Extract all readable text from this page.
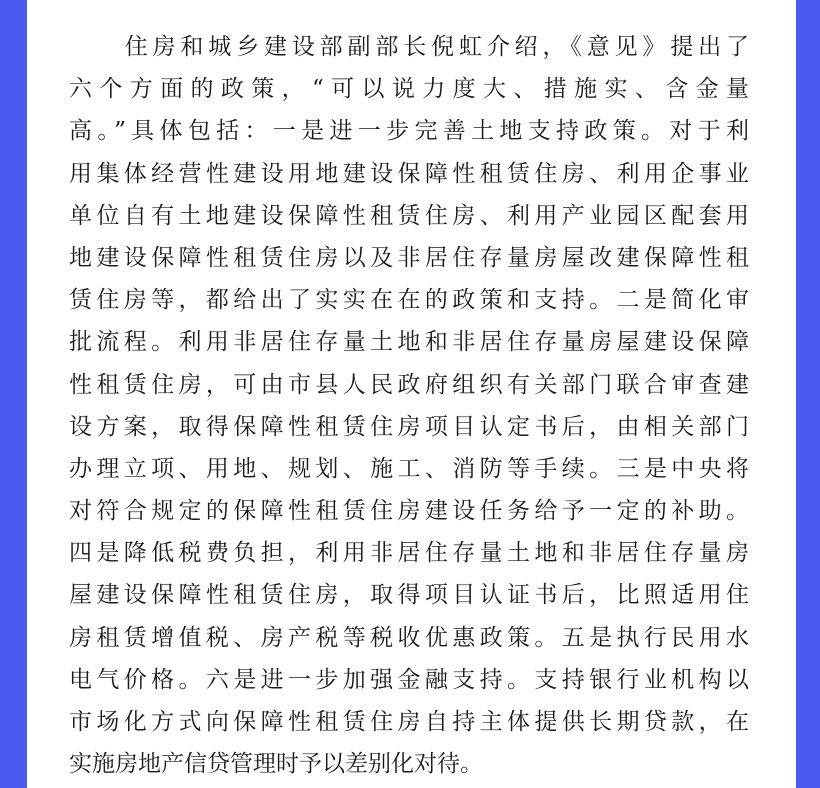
　　住房和城乡建设部副部长倪虹介绍，《意见》提出了
六个方面的政策，“可以说力度大、措施实、含金量
高。”具体包括：一是进一步完善土地支持政策。对于利
用集体经营性建设用地建设保障性租赁住房、利用企事业
单位自有土地建设保障性租赁住房、利用产业园区配套用
地建设保障性租赁住房以及非居住存量房屋改建保障性租
赁住房等，都给出了实实在在的政策和支持。二是简化审
批流程。利用非居住存量土地和非居住存量房屋建设保障
性租赁住房，可由市县人民政府组织有关部门联合审查建
设方案，取得保障性租赁住房项目认定书后，由相关部门
办理立项、用地、规划、施工、消防等手续。三是中央将
对符合规定的保障性租赁住房建设任务给予一定的补助。
四是降低税费负担，利用非居住存量土地和非居住存量房
屋建设保障性租赁住房，取得项目认证书后，比照适用住
房租赁增值税、房产税等税收优惠政策。五是执行民用水
电气价格。六是进一步加强金融支持。支持银行业机构以
市场化方式向保障性租赁住房自持主体提供长期贷款，在
实施房地产信贷管理时予以差别化对待。
